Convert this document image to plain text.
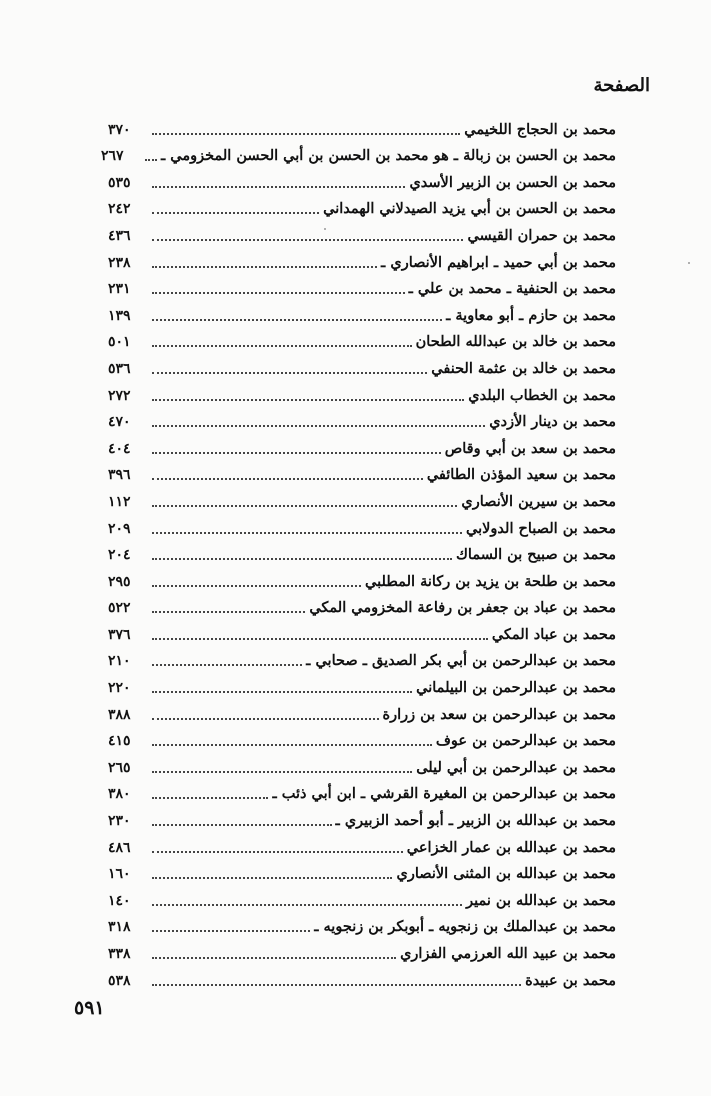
الصفحة
محمد بن الحجاج اللخيمي
٣٧٠
محمد بن الحسن بن زبالة ـ هو محمد بن الحسن بن أبي الحسن المخزومي ـ
٢٦٧
محمد بن الحسن بن الزبير الأسدي
٥٣٥
محمد بن الحسن بن أبي يزيد الصيدلاني الهمداني
٢٤٢
محمد بن حمران القيسي
٤٣٦
محمد بن أبي حميد ـ ابراهيم الأنصاري ـ
٢٣٨
محمد بن الحنفية ـ محمد بن علي ـ
٢٣١
محمد بن حازم ـ أبو معاوية ـ
١٣٩
محمد بن خالد بن عبدالله الطحان
٥٠١
محمد بن خالد بن عثمة الحنفي
٥٣٦
محمد بن الخطاب البلدي
٢٧٢
محمد بن دينار الأزدي
٤٧٠
محمد بن سعد بن أبي وقاص
٤٠٤
محمد بن سعيد المؤذن الطائفي
٣٩٦
محمد بن سيرين الأنصاري
١١٢
محمد بن الصباح الدولابي
٢٠٩
محمد بن صبيح بن السماك
٢٠٤
محمد بن طلحة بن يزيد بن ركانة المطلبي
٢٩٥
محمد بن عباد بن جعفر بن رفاعة المخزومي المكي
٥٢٢
محمد بن عباد المكي
٣٧٦
محمد بن عبدالرحمن بن أبي بكر الصديق ـ صحابي ـ
٢١٠
محمد بن عبدالرحمن بن البيلماني
٢٢٠
محمد بن عبدالرحمن بن سعد بن زرارة
٣٨٨
محمد بن عبدالرحمن بن عوف
٤١٥
محمد بن عبدالرحمن بن أبي ليلى
٢٦٥
محمد بن عبدالرحمن بن المغيرة القرشي ـ ابن أبي ذئب ـ
٣٨٠
محمد بن عبدالله بن الزبير ـ أبو أحمد الزبيري ـ
٢٣٠
محمد بن عبدالله بن عمار الخزاعي
٤٨٦
محمد بن عبدالله بن المثنى الأنصاري
١٦٠
محمد بن عبدالله بن نمير
١٤٠
محمد بن عبدالملك بن زنجويه ـ أبوبكر بن زنجويه ـ
٣١٨
محمد بن عبيد الله العرزمي الفزاري
٣٣٨
محمد بن عبيدة
٥٣٨
٥٩١
